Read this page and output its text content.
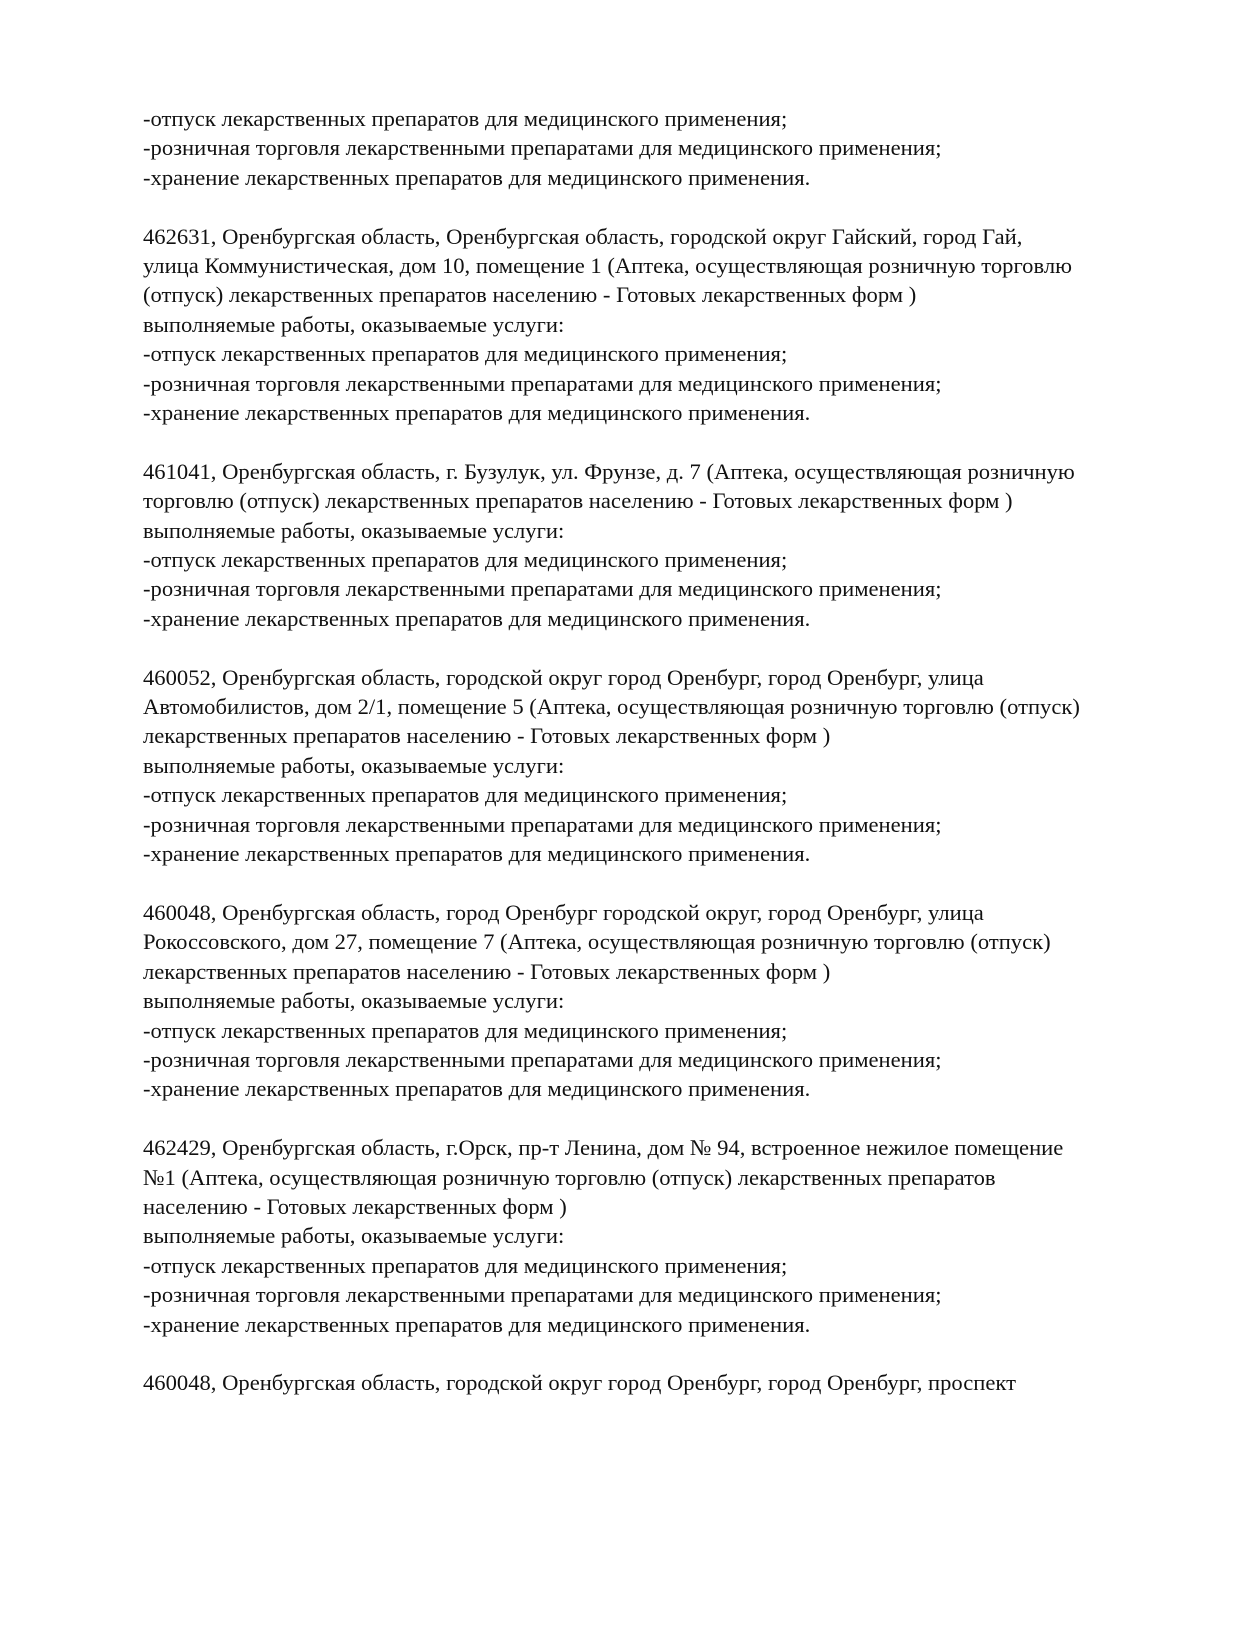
-отпуск лекарственных препаратов для медицинского применения;
-розничная торговля лекарственными препаратами для медицинского применения;
-хранение лекарственных препаратов для медицинского применения.
462631, Оренбургская область, Оренбургская область, городской округ Гайский, город Гай,
улица Коммунистическая, дом 10, помещение 1 (Аптека, осуществляющая розничную торговлю
(отпуск) лекарственных препаратов населению - Готовых лекарственных форм )
выполняемые работы, оказываемые услуги:
-отпуск лекарственных препаратов для медицинского применения;
-розничная торговля лекарственными препаратами для медицинского применения;
-хранение лекарственных препаратов для медицинского применения.
461041, Оренбургская область, г. Бузулук, ул. Фрунзе, д. 7 (Аптека, осуществляющая розничную
торговлю (отпуск) лекарственных препаратов населению - Готовых лекарственных форм )
выполняемые работы, оказываемые услуги:
-отпуск лекарственных препаратов для медицинского применения;
-розничная торговля лекарственными препаратами для медицинского применения;
-хранение лекарственных препаратов для медицинского применения.
460052, Оренбургская область, городской округ город Оренбург, город Оренбург, улица
Автомобилистов, дом 2/1, помещение 5 (Аптека, осуществляющая розничную торговлю (отпуск)
лекарственных препаратов населению - Готовых лекарственных форм )
выполняемые работы, оказываемые услуги:
-отпуск лекарственных препаратов для медицинского применения;
-розничная торговля лекарственными препаратами для медицинского применения;
-хранение лекарственных препаратов для медицинского применения.
460048, Оренбургская область, город Оренбург городской округ, город Оренбург, улица
Рокоссовского, дом 27, помещение 7 (Аптека, осуществляющая розничную торговлю (отпуск)
лекарственных препаратов населению - Готовых лекарственных форм )
выполняемые работы, оказываемые услуги:
-отпуск лекарственных препаратов для медицинского применения;
-розничная торговля лекарственными препаратами для медицинского применения;
-хранение лекарственных препаратов для медицинского применения.
462429, Оренбургская область, г.Орск, пр-т Ленина, дом № 94, встроенное нежилое помещение
№1 (Аптека, осуществляющая розничную торговлю (отпуск) лекарственных препаратов
населению - Готовых лекарственных форм )
выполняемые работы, оказываемые услуги:
-отпуск лекарственных препаратов для медицинского применения;
-розничная торговля лекарственными препаратами для медицинского применения;
-хранение лекарственных препаратов для медицинского применения.
460048, Оренбургская область, городской округ город Оренбург, город Оренбург, проспект
